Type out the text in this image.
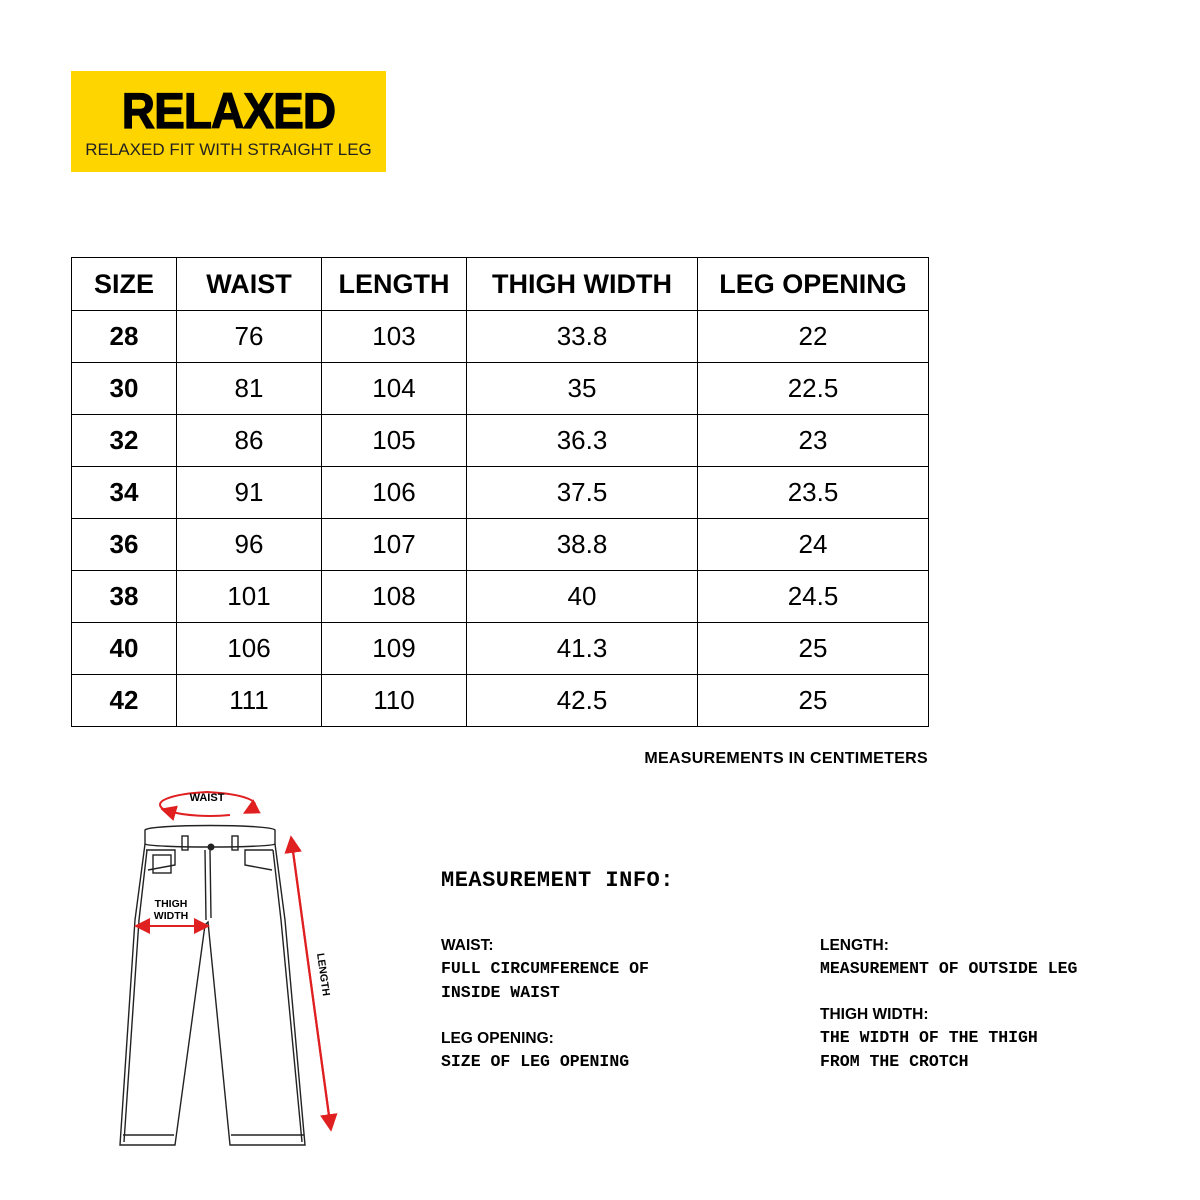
RELAXED
RELAXED FIT WITH STRAIGHT LEG
SIZE	WAIST	LENGTH	THIGH WIDTH	LEG OPENING
28	76	103	33.8	22
30	81	104	35	22.5
32	86	105	36.3	23
34	91	106	37.5	23.5
36	96	107	38.8	24
38	101	108	40	24.5
40	106	109	41.3	25
42	111	110	42.5	25
MEASUREMENTS IN CENTIMETERS
WAIST
THIGH
WIDTH
LENGTH
MEASUREMENT INFO:
WAIST:
FULL CIRCUMFERENCE OF
INSIDE WAIST
LEG OPENING:
SIZE OF LEG OPENING
LENGTH:
MEASUREMENT OF OUTSIDE LEG
THIGH WIDTH:
THE WIDTH OF THE THIGH
FROM THE CROTCH
